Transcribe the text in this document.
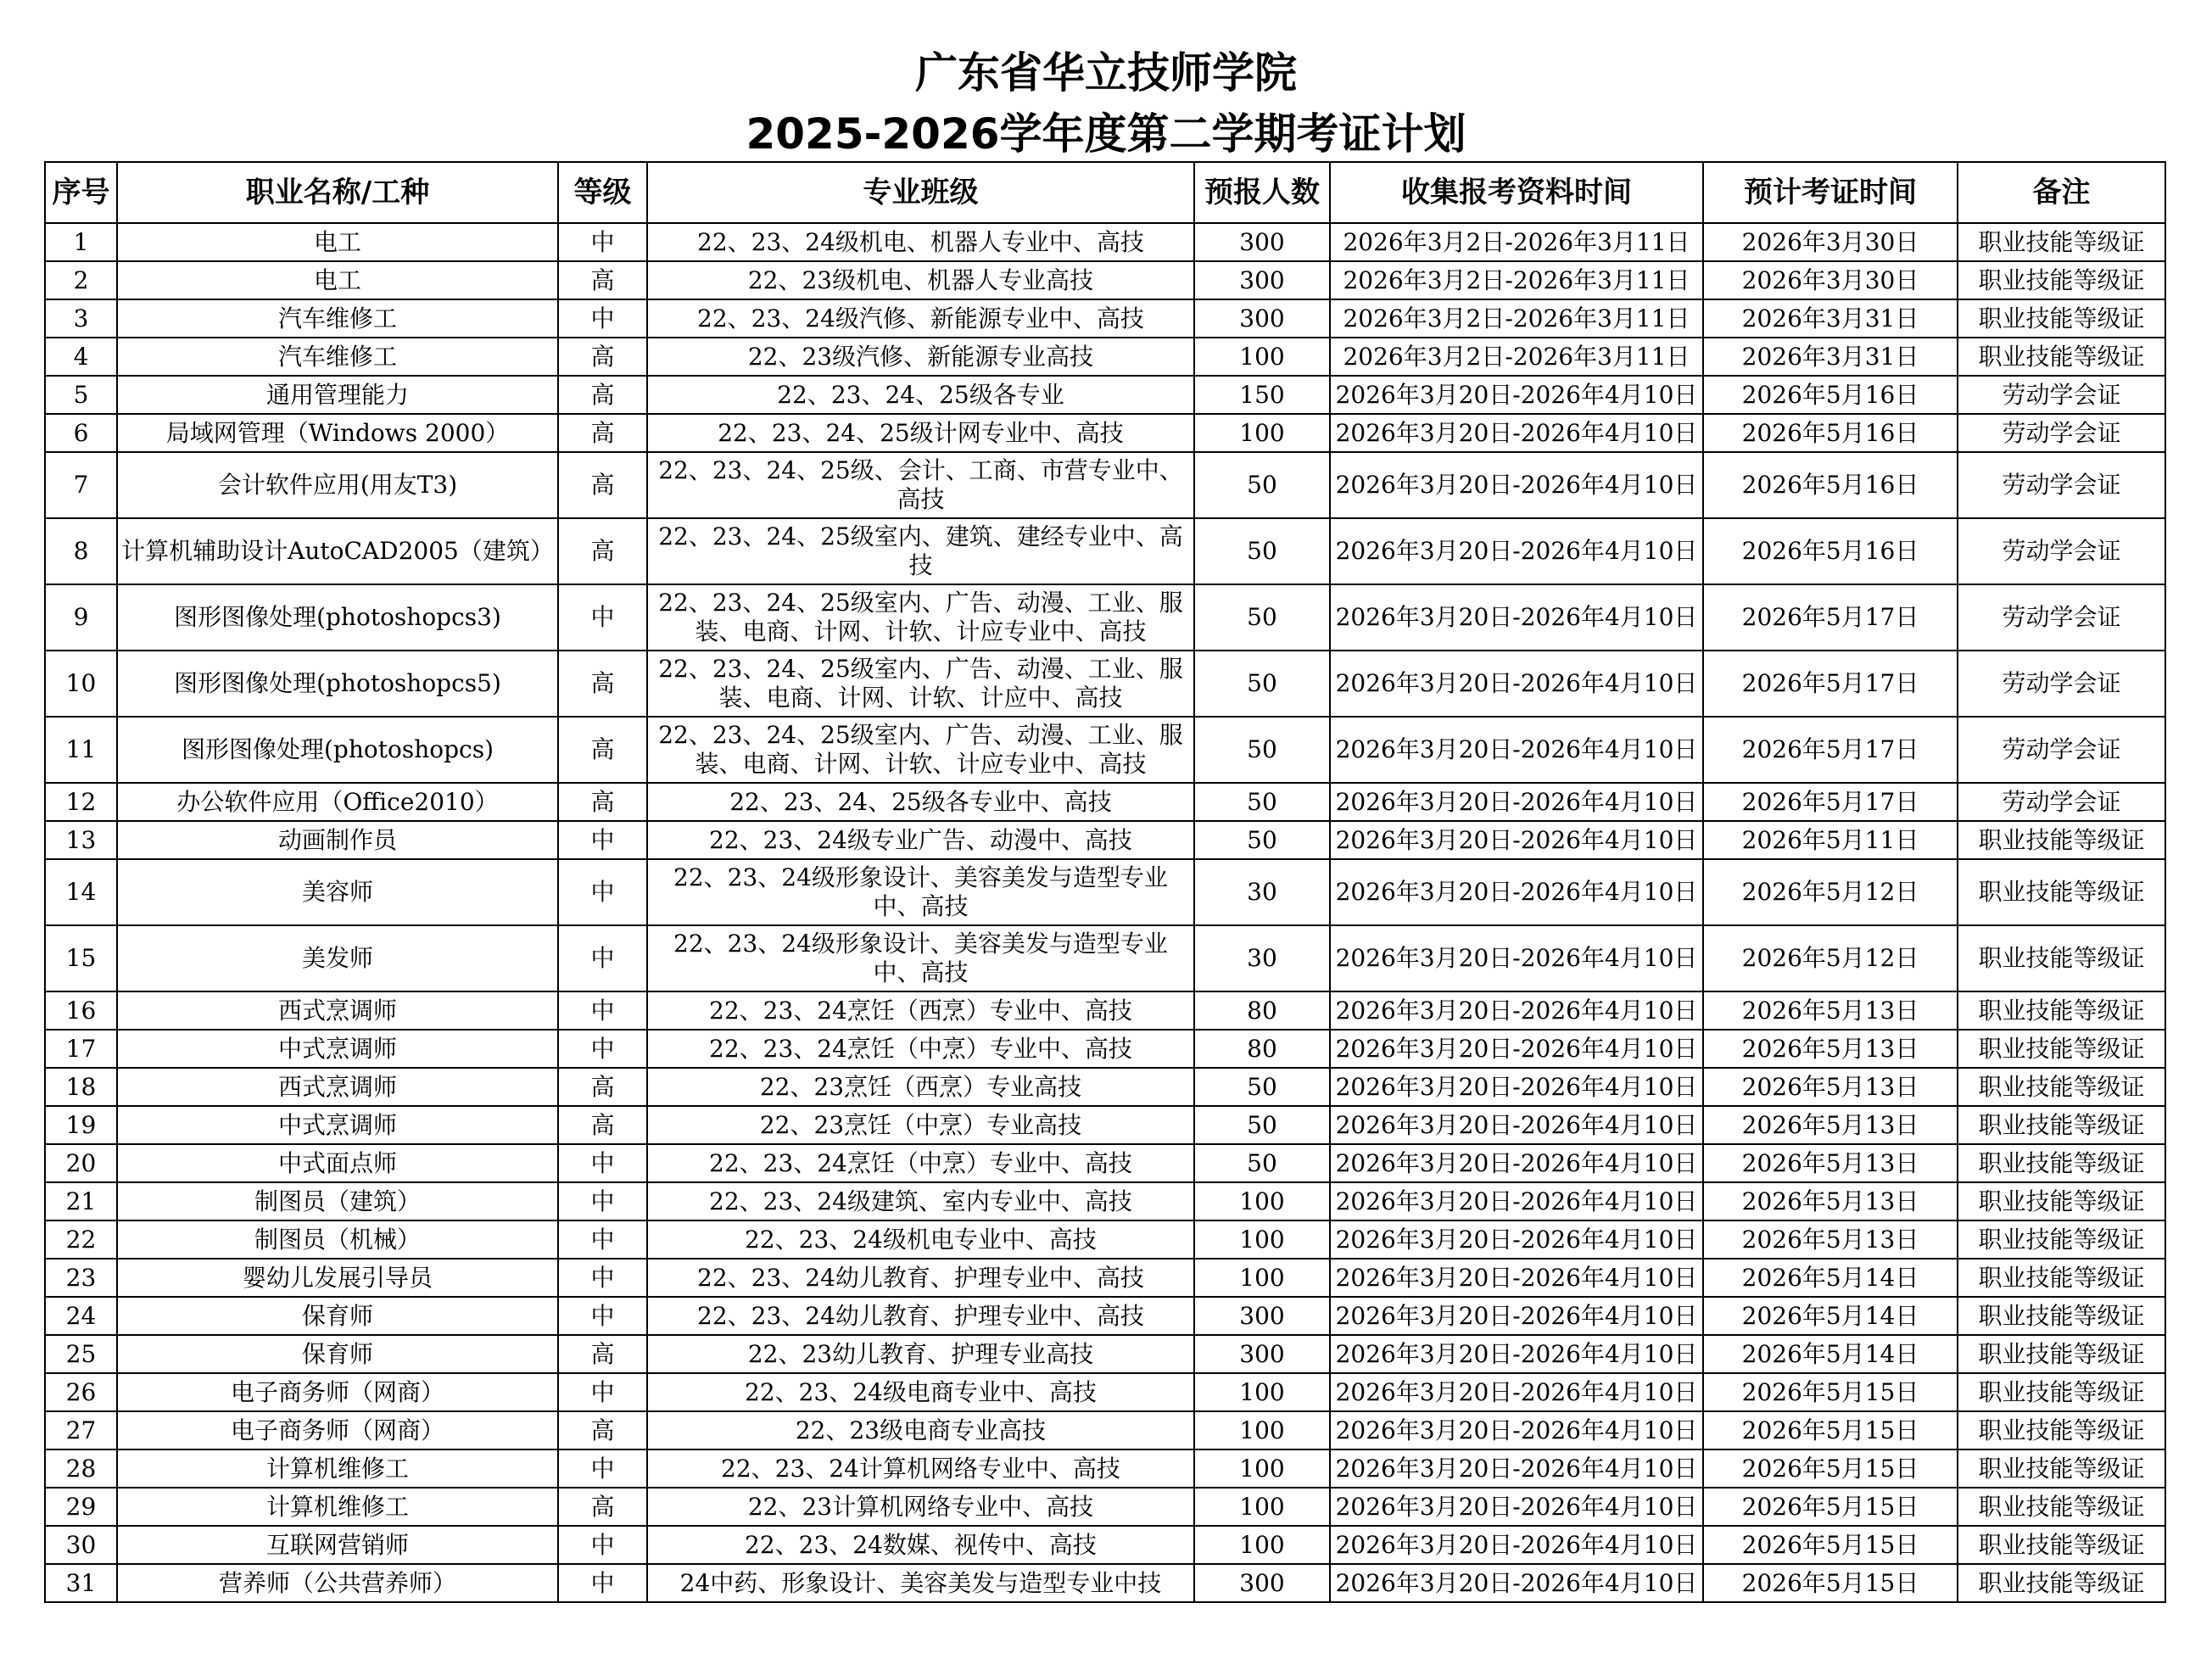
广东省华立技师学院
2025-2026学年度第二学期考证计划
序号	职业名称/工种	等级	专业班级	预报人数	收集报考资料时间	预计考证时间	备注
1	电工	中	22、23、24级机电、机器人专业中、高技	300	2026年3月2日-2026年3月11日	2026年3月30日	职业技能等级证
2	电工	高	22、23级机电、机器人专业高技	300	2026年3月2日-2026年3月11日	2026年3月30日	职业技能等级证
3	汽车维修工	中	22、23、24级汽修、新能源专业中、高技	300	2026年3月2日-2026年3月11日	2026年3月31日	职业技能等级证
4	汽车维修工	高	22、23级汽修、新能源专业高技	100	2026年3月2日-2026年3月11日	2026年3月31日	职业技能等级证
5	通用管理能力	高	22、23、24、25级各专业	150	2026年3月20日-2026年4月10日	2026年5月16日	劳动学会证
6	局域网管理（Windows 2000）	高	22、23、24、25级计网专业中、高技	100	2026年3月20日-2026年4月10日	2026年5月16日	劳动学会证
7	会计软件应用(用友T3)	高	22、23、24、25级、会计、工商、市营专业中、高技	50	2026年3月20日-2026年4月10日	2026年5月16日	劳动学会证
8	计算机辅助设计AutoCAD2005（建筑）	高	22、23、24、25级室内、建筑、建经专业中、高技	50	2026年3月20日-2026年4月10日	2026年5月16日	劳动学会证
9	图形图像处理(photoshopcs3)	中	22、23、24、25级室内、广告、动漫、工业、服装、电商、计网、计软、计应专业中、高技	50	2026年3月20日-2026年4月10日	2026年5月17日	劳动学会证
10	图形图像处理(photoshopcs5)	高	22、23、24、25级室内、广告、动漫、工业、服装、电商、计网、计软、计应中、高技	50	2026年3月20日-2026年4月10日	2026年5月17日	劳动学会证
11	图形图像处理(photoshopcs)	高	22、23、24、25级室内、广告、动漫、工业、服装、电商、计网、计软、计应专业中、高技	50	2026年3月20日-2026年4月10日	2026年5月17日	劳动学会证
12	办公软件应用（Office2010）	高	22、23、24、25级各专业中、高技	50	2026年3月20日-2026年4月10日	2026年5月17日	劳动学会证
13	动画制作员	中	22、23、24级专业广告、动漫中、高技	50	2026年3月20日-2026年4月10日	2026年5月11日	职业技能等级证
14	美容师	中	22、23、24级形象设计、美容美发与造型专业中、高技	30	2026年3月20日-2026年4月10日	2026年5月12日	职业技能等级证
15	美发师	中	22、23、24级形象设计、美容美发与造型专业中、高技	30	2026年3月20日-2026年4月10日	2026年5月12日	职业技能等级证
16	西式烹调师	中	22、23、24烹饪（西烹）专业中、高技	80	2026年3月20日-2026年4月10日	2026年5月13日	职业技能等级证
17	中式烹调师	中	22、23、24烹饪（中烹）专业中、高技	80	2026年3月20日-2026年4月10日	2026年5月13日	职业技能等级证
18	西式烹调师	高	22、23烹饪（西烹）专业高技	50	2026年3月20日-2026年4月10日	2026年5月13日	职业技能等级证
19	中式烹调师	高	22、23烹饪（中烹）专业高技	50	2026年3月20日-2026年4月10日	2026年5月13日	职业技能等级证
20	中式面点师	中	22、23、24烹饪（中烹）专业中、高技	50	2026年3月20日-2026年4月10日	2026年5月13日	职业技能等级证
21	制图员（建筑）	中	22、23、24级建筑、室内专业中、高技	100	2026年3月20日-2026年4月10日	2026年5月13日	职业技能等级证
22	制图员（机械）	中	22、23、24级机电专业中、高技	100	2026年3月20日-2026年4月10日	2026年5月13日	职业技能等级证
23	婴幼儿发展引导员	中	22、23、24幼儿教育、护理专业中、高技	100	2026年3月20日-2026年4月10日	2026年5月14日	职业技能等级证
24	保育师	中	22、23、24幼儿教育、护理专业中、高技	300	2026年3月20日-2026年4月10日	2026年5月14日	职业技能等级证
25	保育师	高	22、23幼儿教育、护理专业高技	300	2026年3月20日-2026年4月10日	2026年5月14日	职业技能等级证
26	电子商务师（网商）	中	22、23、24级电商专业中、高技	100	2026年3月20日-2026年4月10日	2026年5月15日	职业技能等级证
27	电子商务师（网商）	高	22、23级电商专业高技	100	2026年3月20日-2026年4月10日	2026年5月15日	职业技能等级证
28	计算机维修工	中	22、23、24计算机网络专业中、高技	100	2026年3月20日-2026年4月10日	2026年5月15日	职业技能等级证
29	计算机维修工	高	22、23计算机网络专业中、高技	100	2026年3月20日-2026年4月10日	2026年5月15日	职业技能等级证
30	互联网营销师	中	22、23、24数媒、视传中、高技	100	2026年3月20日-2026年4月10日	2026年5月15日	职业技能等级证
31	营养师（公共营养师）	中	24中药、形象设计、美容美发与造型专业中技	300	2026年3月20日-2026年4月10日	2026年5月15日	职业技能等级证
